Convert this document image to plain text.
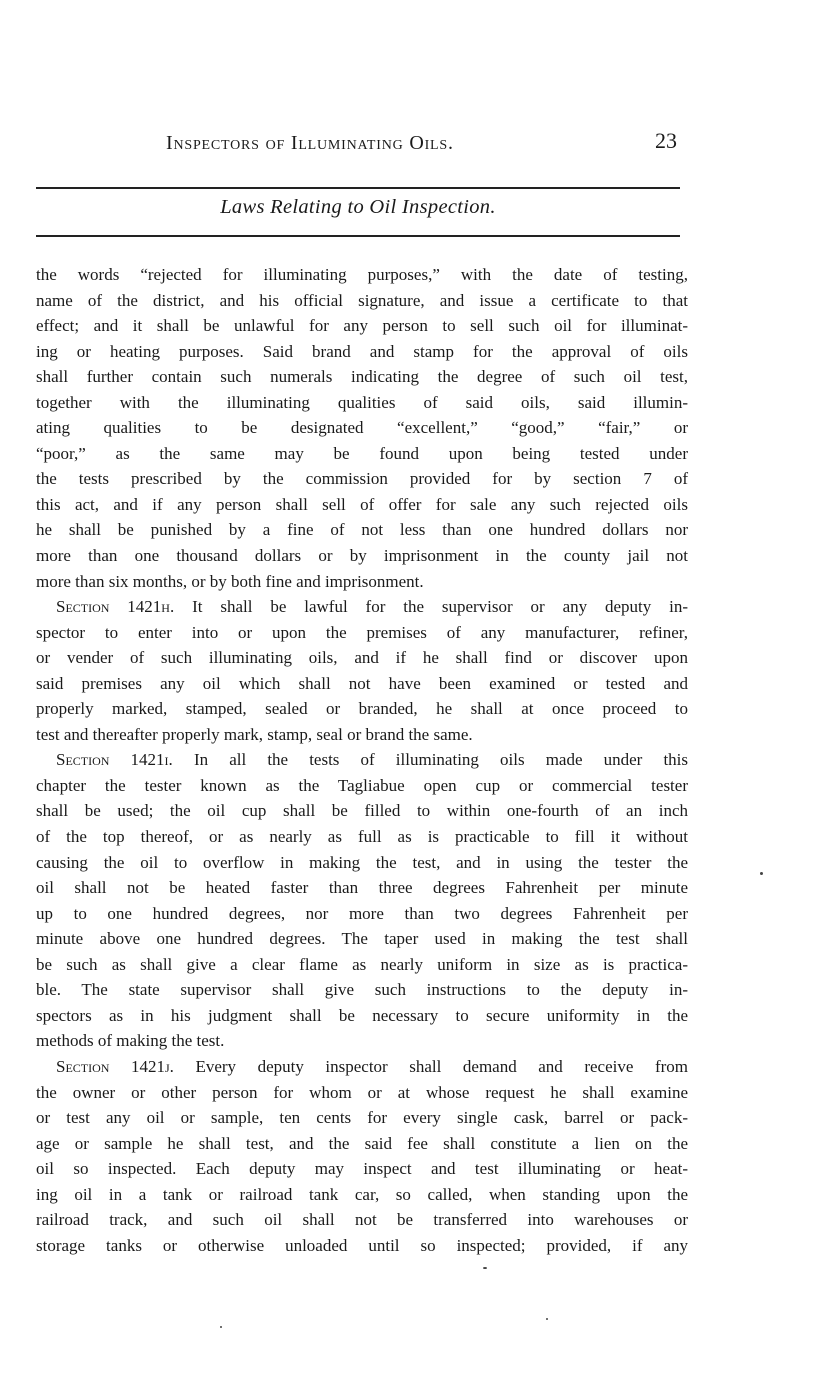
Inspectors of Illuminating Oils.	23
Laws Relating to Oil Inspection.
the words “rejected for illuminating purposes,” with the date of testing,
name of the district, and his official signature, and issue a certificate to that
effect; and it shall be unlawful for any person to sell such oil for illuminat-
ing or heating purposes. Said brand and stamp for the approval of oils
shall further contain such numerals indicating the degree of such oil test,
together with the illuminating qualities of said oils, said illumin-
ating qualities to be designated “excellent,” “good,” “fair,” or
“poor,” as the same may be found upon being tested under
the tests prescribed by the commission provided for by section 7 of
this act, and if any person shall sell of offer for sale any such rejected oils
he shall be punished by a fine of not less than one hundred dollars nor
more than one thousand dollars or by imprisonment in the county jail not
more than six months, or by both fine and imprisonment.
Section 1421h. It shall be lawful for the supervisor or any deputy in-
spector to enter into or upon the premises of any manufacturer, refiner,
or vender of such illuminating oils, and if he shall find or discover upon
said premises any oil which shall not have been examined or tested and
properly marked, stamped, sealed or branded, he shall at once proceed to
test and thereafter properly mark, stamp, seal or brand the same.
Section 1421i. In all the tests of illuminating oils made under this
chapter the tester known as the Tagliabue open cup or commercial tester
shall be used; the oil cup shall be filled to within one-fourth of an inch
of the top thereof, or as nearly as full as is practicable to fill it without
causing the oil to overflow in making the test, and in using the tester the
oil shall not be heated faster than three degrees Fahrenheit per minute
up to one hundred degrees, nor more than two degrees Fahrenheit per
minute above one hundred degrees. The taper used in making the test shall
be such as shall give a clear flame as nearly uniform in size as is practica-
ble. The state supervisor shall give such instructions to the deputy in-
spectors as in his judgment shall be necessary to secure uniformity in the
methods of making the test.
Section 1421j. Every deputy inspector shall demand and receive from
the owner or other person for whom or at whose request he shall examine
or test any oil or sample, ten cents for every single cask, barrel or pack-
age or sample he shall test, and the said fee shall constitute a lien on the
oil so inspected. Each deputy may inspect and test illuminating or heat-
ing oil in a tank or railroad tank car, so called, when standing upon the
railroad track, and such oil shall not be transferred into warehouses or
storage tanks or otherwise unloaded until so inspected; provided, if any
